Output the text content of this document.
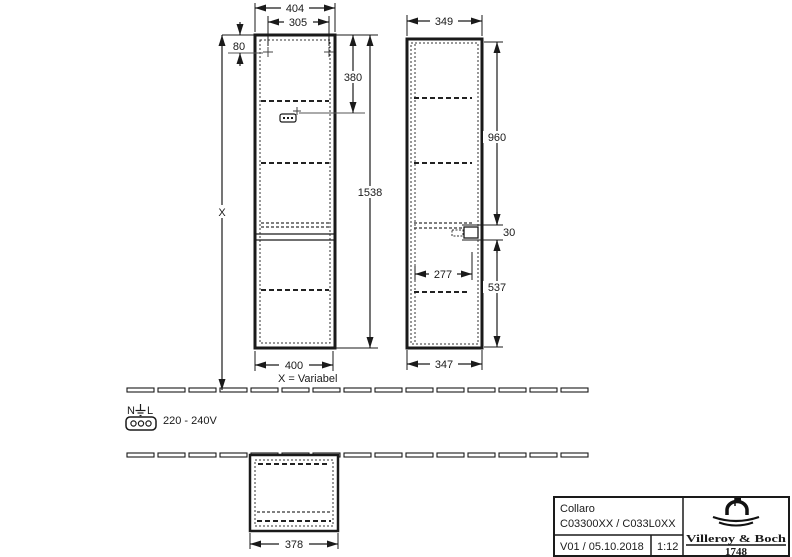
404
305
80
X
380
1538
400
X = Variabel
349
960
30
537
277
347
378
N L
220 - 240V
Collaro
C03300XX / C033L0XX
V01 / 05.10.2018 1:12
Villeroy & Boch
1748
